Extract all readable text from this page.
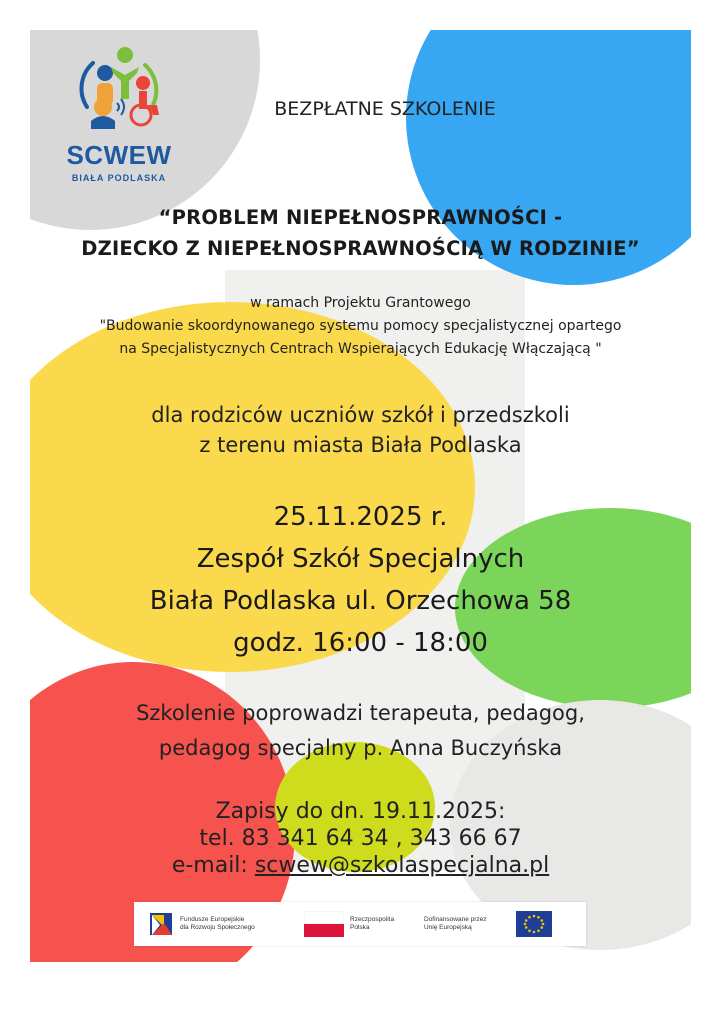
SCWEW
BIAŁA PODLASKA
BEZPŁATNE SZKOLENIE
“PROBLEM NIEPEŁNOSPRAWNOŚCI -
DZIECKO Z NIEPEŁNOSPRAWNOŚCIĄ W RODZINIE”
w ramach Projektu Grantowego
"Budowanie skoordynowanego systemu pomocy specjalistycznej opartego
na Specjalistycznych Centrach Wspierających Edukację Włączającą "
dla rodziców uczniów szkół i przedszkoli
z terenu miasta Biała Podlaska
25.11.2025 r.
Zespół Szkół Specjalnych
Biała Podlaska ul. Orzechowa 58
godz. 16:00 - 18:00
Szkolenie poprowadzi terapeuta, pedagog,
pedagog specjalny p. Anna Buczyńska
Zapisy do dn. 19.11.2025:
tel. 83 341 64 34 , 343 66 67
e-mail: scwew@szkolaspecjalna.pl
Fundusze Europejskie
dla Rozwoju Społecznego
Rzeczpospolita
Polska
Dofinansowane przez
Unię Europejską
